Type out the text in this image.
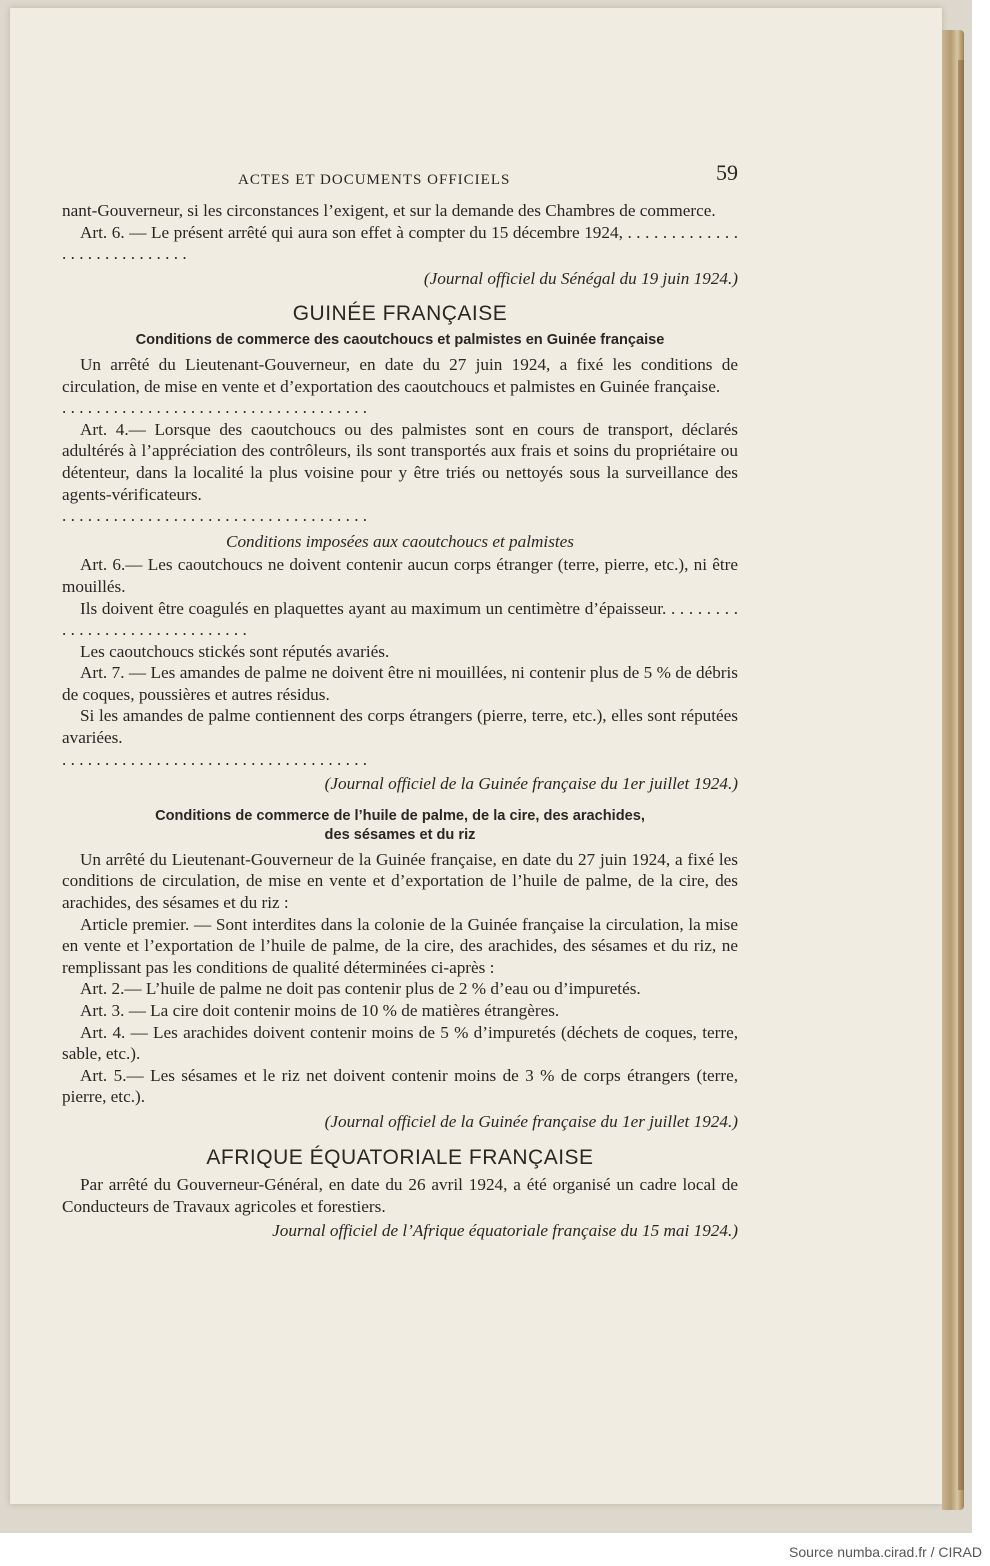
ACTES ET DOCUMENTS OFFICIELS	59

nant-Gouverneur, si les circonstances l’exigent, et sur la demande des Chambres de commerce.

Art. 6. — Le présent arrêté qui aura son effet à compter du 15 décembre 1924, . . . . . . . . . . . . . . . . . . . . . . . . . . . .

(Journal officiel du Sénégal du 19 juin 1924.)

GUINÉE FRANÇAISE
Conditions de commerce des caoutchoucs et palmistes en Guinée française

Un arrêté du Lieutenant-Gouverneur, en date du 27 juin 1924, a fixé les conditions de circulation, de mise en vente et d’exportation des caoutchoucs et palmistes en Guinée française.

. . . . . . . . . . . . . . . . . . . . . . . . . . . . . . . . . . . .

Art. 4.— Lorsque des caoutchoucs ou des palmistes sont en cours de transport, déclarés adultérés à l’appréciation des contrôleurs, ils sont transportés aux frais et soins du propriétaire ou détenteur, dans la localité la plus voisine pour y être triés ou nettoyés sous la surveillance des agents-vérificateurs.

. . . . . . . . . . . . . . . . . . . . . . . . . . . . . . . . . . . .
Conditions imposées aux caoutchoucs et palmistes

Art. 6.— Les caoutchoucs ne doivent contenir aucun corps étranger (terre, pierre, etc.), ni être mouillés.

Ils doivent être coagulés en plaquettes ayant au maximum un centimètre d’épaisseur. . . . . . . . . . . . . . . . . . . . . . . . . . . . . . .

Les caoutchoucs stickés sont réputés avariés.

Art. 7. — Les amandes de palme ne doivent être ni mouillées, ni contenir plus de 5 % de débris de coques, poussières et autres résidus.

Si les amandes de palme contiennent des corps étrangers (pierre, terre, etc.), elles sont réputées avariées.

. . . . . . . . . . . . . . . . . . . . . . . . . . . . . . . . . . . .

(Journal officiel de la Guinée française du 1er juillet 1924.)

Conditions de commerce de l’huile de palme, de la cire, des arachides,
des sésames et du riz

Un arrêté du Lieutenant-Gouverneur de la Guinée française, en date du 27 juin 1924, a fixé les conditions de circulation, de mise en vente et d’exportation de l’huile de palme, de la cire, des arachides, des sésames et du riz :

Article premier. — Sont interdites dans la colonie de la Guinée française la circulation, la mise en vente et l’exportation de l’huile de palme, de la cire, des arachides, des sésames et du riz, ne remplissant pas les conditions de qualité déterminées ci-après :

Art. 2.— L’huile de palme ne doit pas contenir plus de 2 % d’eau ou d’impuretés.

Art. 3. — La cire doit contenir moins de 10 % de matières étrangères.

Art. 4. — Les arachides doivent contenir moins de 5 % d’impuretés (déchets de coques, terre, sable, etc.).

Art. 5.— Les sésames et le riz net doivent contenir moins de 3 % de corps étrangers (terre, pierre, etc.).

(Journal officiel de la Guinée française du 1er juillet 1924.)

AFRIQUE ÉQUATORIALE FRANÇAISE

Par arrêté du Gouverneur-Général, en date du 26 avril 1924, a été organisé un cadre local de Conducteurs de Travaux agricoles et forestiers.

Journal officiel de l’Afrique équatoriale française du 15 mai 1924.)

Source numba.cirad.fr / CIRAD
